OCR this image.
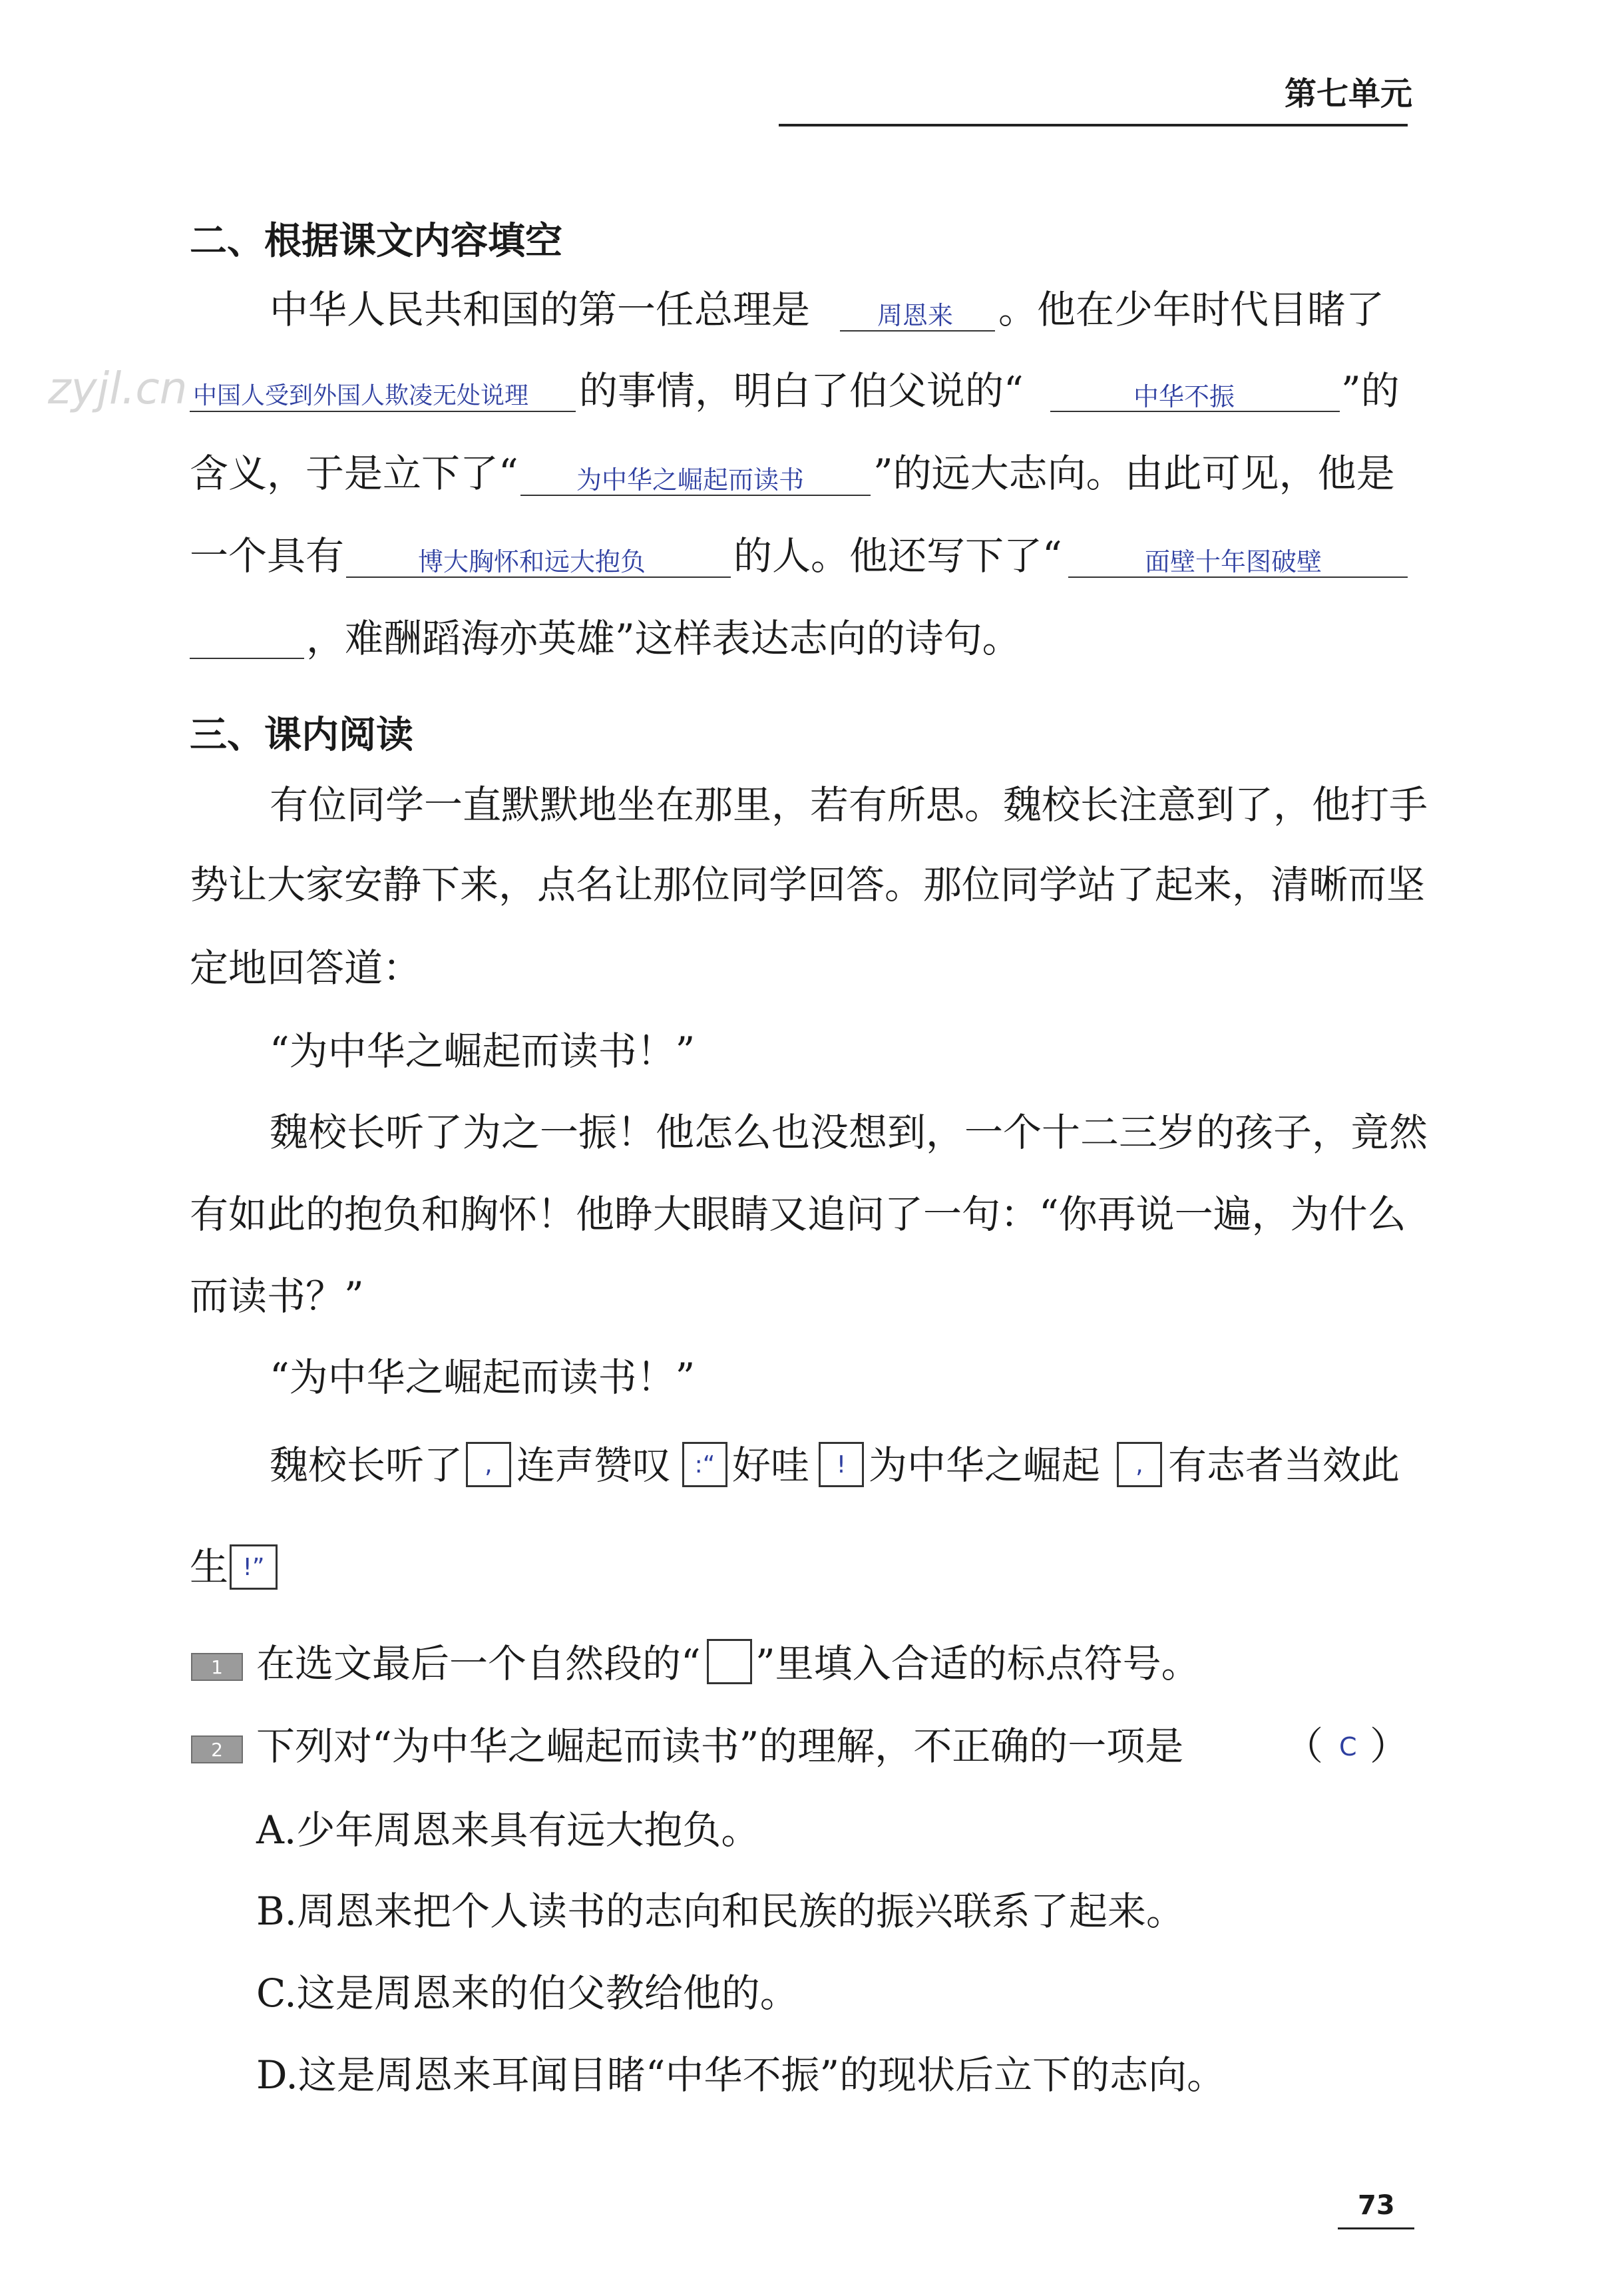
第七单元
zyjl.cn
二、根据课文内容填空
中华人民共和国的第一任总理是	周恩来 。他在少年时代目睹了
中国人受到外国人欺凌无处说理 的事情，明白了伯父说的“	中华不振	”的
含义，于是立下了“ 为中华之崛起而读书 ”的远大志向。由此可见，他是
一个具有	博大胸怀和远大抱负 的人。他还写下了“	面壁十年图破壁
，难酬蹈海亦英雄”这样表达志向的诗句。
三、课内阅读
有位同学一直默默地坐在那里，若有所思。魏校长注意到了，他打手
势让大家安静下来，点名让那位同学回答。那位同学站了起来，清晰而坚
定地回答道：
“为中华之崛起而读书！”
魏校长听了为之一振！他怎么也没想到，一个十二三岁的孩子，竟然
有如此的抱负和胸怀！他睁大眼睛又追问了一句：“你再说一遍，为什么
而读书？”
“为中华之崛起而读书！”
魏校长听了 , 连声赞叹 :“ 好哇	! 为中华之崛起	, 有志者当效此
生 !”
1 在选文最后一个自然段的“ ”里填入合适的标点符号。
2 下列对“为中华之崛起而读书”的理解，不正确的一项是	（ C ）
A.少年周恩来具有远大抱负。
B.周恩来把个人读书的志向和民族的振兴联系了起来。
C.这是周恩来的伯父教给他的。
D.这是周恩来耳闻目睹“中华不振”的现状后立下的志向。
73
